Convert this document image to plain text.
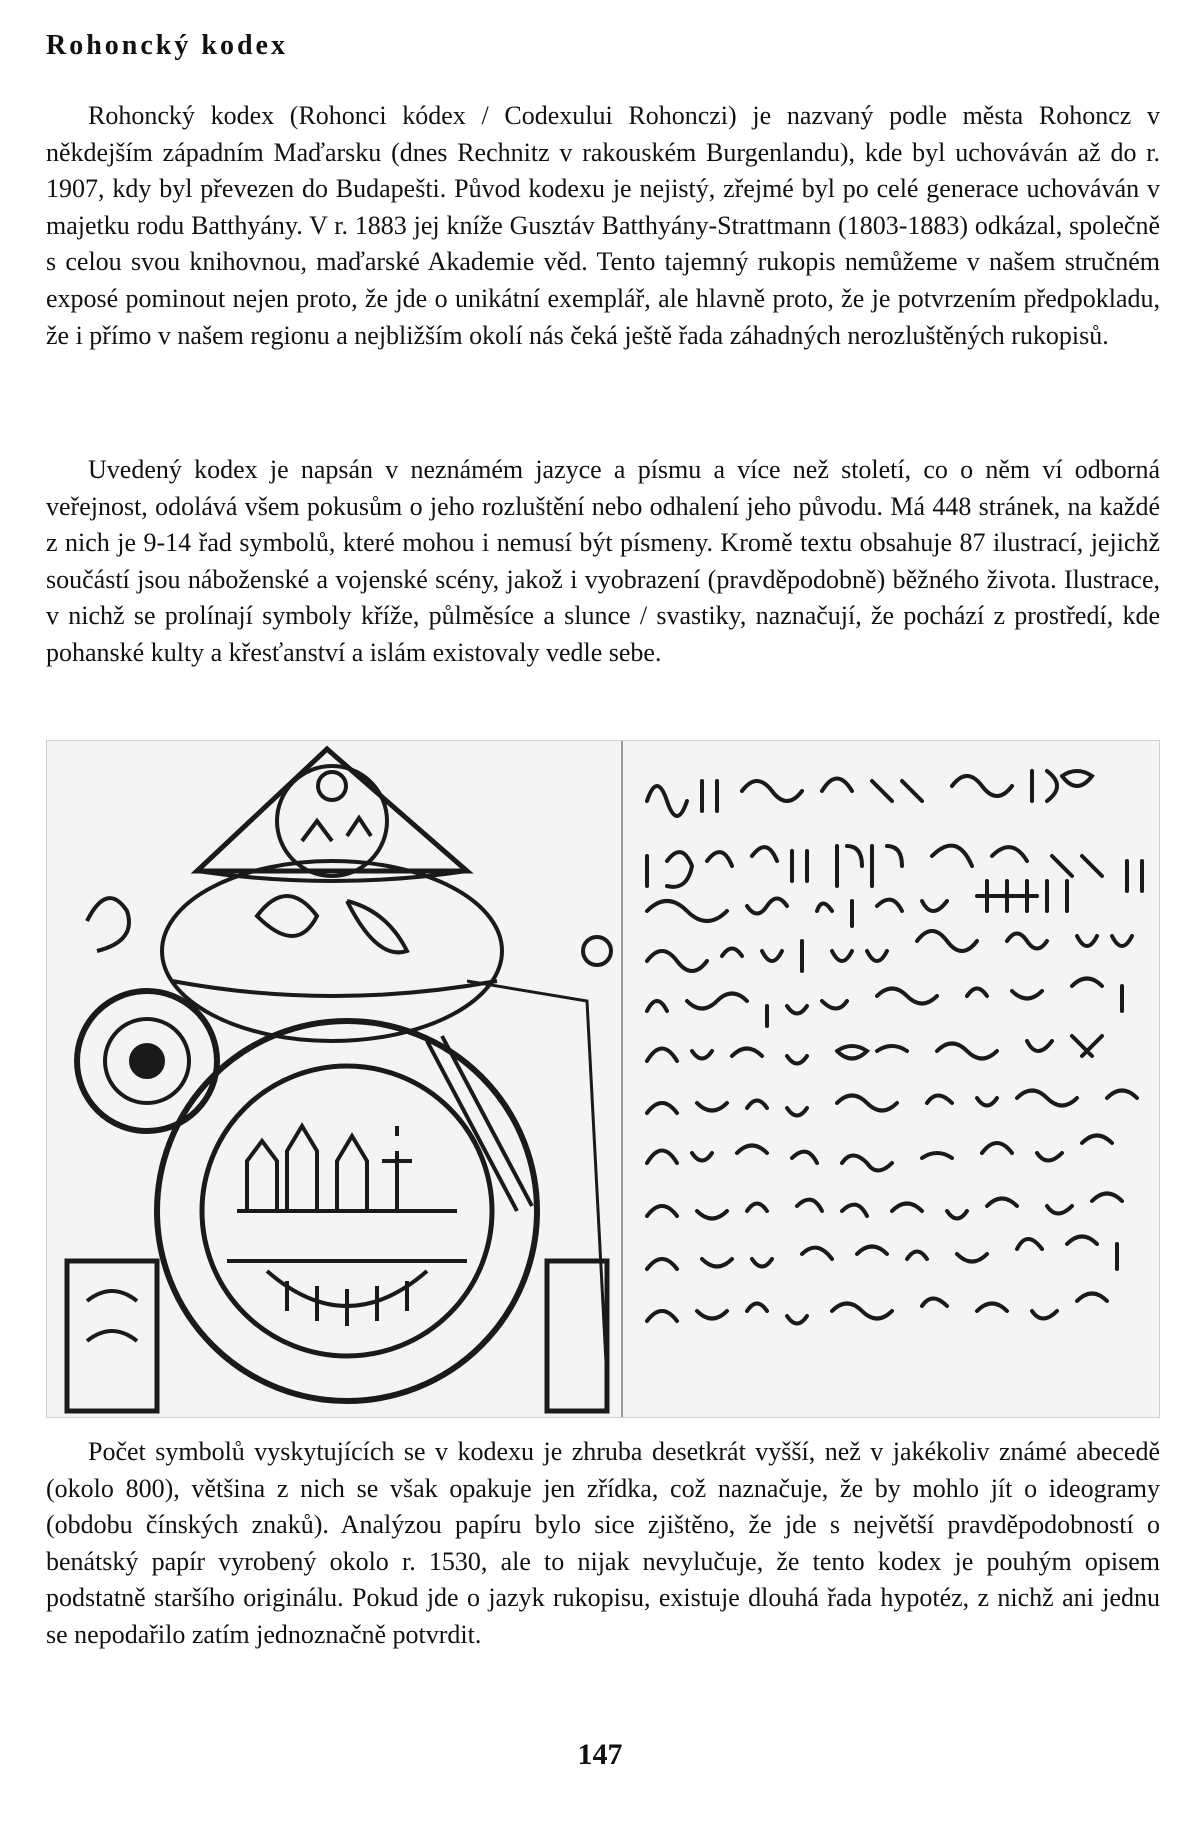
Rohoncký kodex

Rohoncký kodex (Rohonci kódex / Codexului Rohonczi) je nazvaný podle města Rohoncz v někdejším západním Maďarsku (dnes Rechnitz v rakouském Burgenlandu), kde byl uchováván až do r. 1907, kdy byl převezen do Budapešti. Původ kodexu je nejistý, zřejmé byl po celé generace uchováván v majetku rodu Batthyány. V r. 1883 jej kníže Gusztáv Batthyány-Strattmann (1803-1883) odkázal, společně s celou svou knihovnou, maďarské Akademie věd. Tento tajemný rukopis nemůžeme v našem stručném exposé pominout nejen proto, že jde o unikátní exemplář, ale hlavně proto, že je potvrzením předpokladu, že i přímo v našem regionu a nejbližším okolí nás čeká ještě řada záhadných nerozluštěných rukopisů.

Uvedený kodex je napsán v neznámém jazyce a písmu a více než století, co o něm ví odborná veřejnost, odolává všem pokusům o jeho rozluštění nebo odhalení jeho původu. Má 448 stránek, na každé z nich je 9-14 řad symbolů, které mohou i nemusí být písmeny. Kromě textu obsahuje 87 ilustrací, jejichž součástí jsou náboženské a vojenské scény, jakož i vyobrazení (pravděpodobně) běžného života. Ilustrace, v nichž se prolínají symboly kříže, půlměsíce a slunce / svastiky, naznačují, že pochází z prostředí, kde pohanské kulty a křesťanství a islám existovaly vedle sebe.

Počet symbolů vyskytujících se v kodexu je zhruba desetkrát vyšší, než v jakékoliv známé abecedě (okolo 800), většina z nich se však opakuje jen zřídka, což naznačuje, že by mohlo jít o ideogramy (obdobu čínských znaků). Analýzou papíru bylo sice zjištěno, že jde s největší pravděpodobností o benátský papír vyrobený okolo r. 1530, ale to nijak nevylučuje, že tento kodex je pouhým opisem podstatně staršího originálu. Pokud jde o jazyk rukopisu, existuje dlouhá řada hypotéz, z nichž ani jednu se nepodařilo zatím jednoznačně potvrdit.

147
